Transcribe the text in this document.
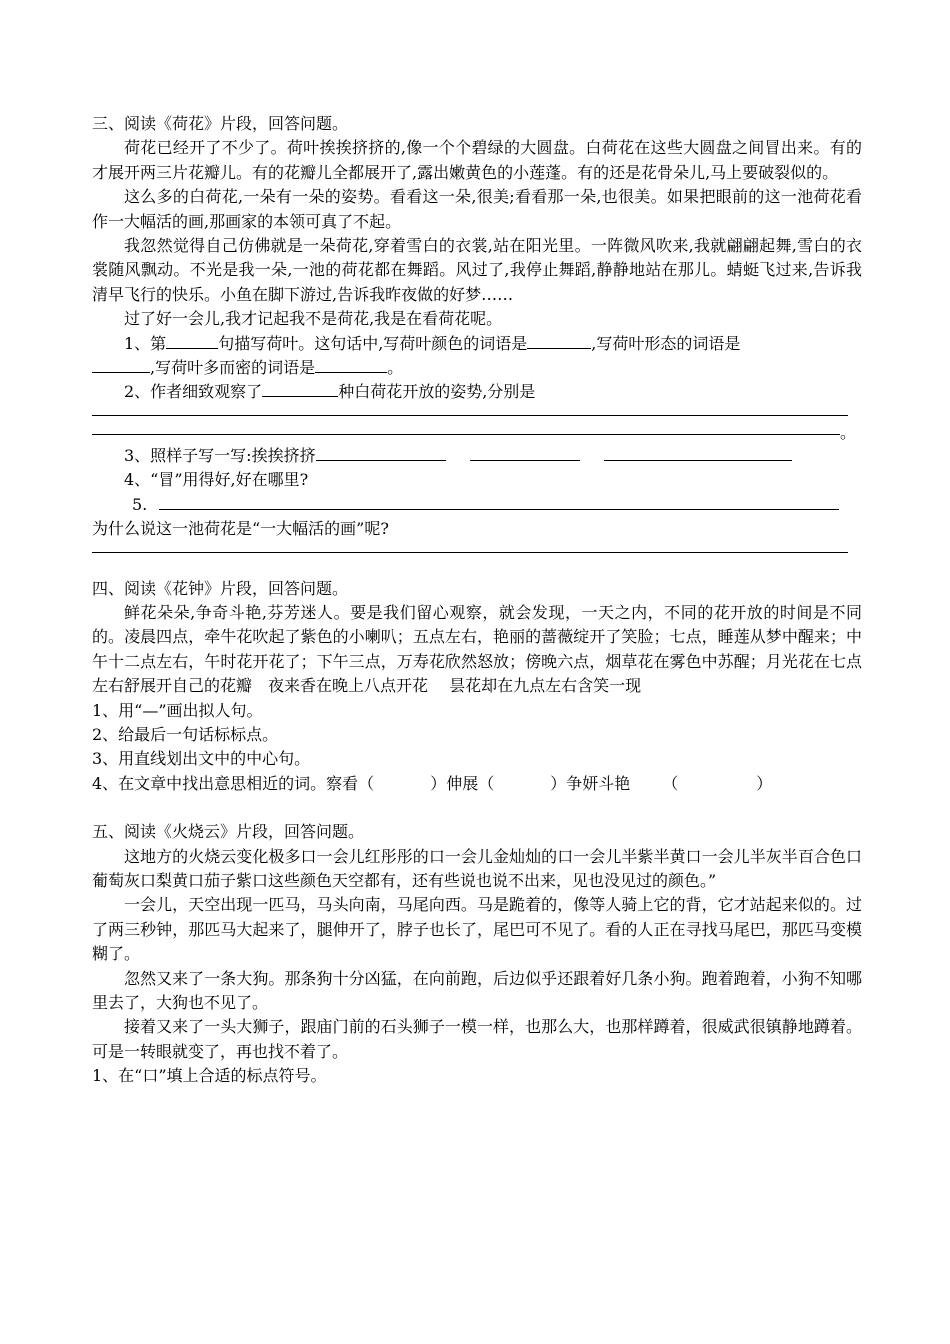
三、阅读《荷花》片段，回答问题。
荷花已经开了不少了。荷叶挨挨挤挤的,像一个个碧绿的大圆盘。白荷花在这些大圆盘之间冒出来。有的才展开两三片花瓣儿。有的花瓣儿全都展开了,露出嫩黄色的小莲蓬。有的还是花骨朵儿,马上要破裂似的。
这么多的白荷花,一朵有一朵的姿势。看看这一朵,很美;看看那一朵,也很美。如果把眼前的这一池荷花看作一大幅活的画,那画家的本领可真了不起。
我忽然觉得自己仿佛就是一朵荷花,穿着雪白的衣裳,站在阳光里。一阵微风吹来,我就翩翩起舞,雪白的衣裳随风飘动。不光是我一朵,一池的荷花都在舞蹈。风过了,我停止舞蹈,静静地站在那儿。蜻蜓飞过来,告诉我清早飞行的快乐。小鱼在脚下游过,告诉我昨夜做的好梦……
过了好一会儿,我才记起我不是荷花,我是在看荷花呢。
1、第	句描写荷叶。这句话中,写荷叶颜色的词语是	,写荷叶形态的词语是
,写荷叶多而密的词语是	。
2、作者细致观察了	种白荷花开放的姿势,分别是
。
3、照样子写一写:挨挨挤挤
4、“冒”用得好,好在哪里?
5.
为什么说这一池荷花是“一大幅活的画”呢?
四、阅读《花钟》片段，回答问题。
鲜花朵朵,争奇斗艳,芬芳迷人。要是我们留心观察，就会发现，一天之内，不同的花开放的时间是不同的。凌晨四点，牵牛花吹起了紫色的小喇叭；五点左右，艳丽的蔷薇绽开了笑脸；七点，睡莲从梦中醒来；中午十二点左右，午时花开花了；下午三点，万寿花欣然怒放；傍晚六点，烟草花在雾色中苏醒；月光花在七点左右舒展开自己的花瓣　夜来香在晚上八点开花　 昙花却在九点左右含笑一现
1、用“—”画出拟人句。
2、给最后一句话标标点。
3、用直线划出文中的中心句。
4、在文章中找出意思相近的词。察看（	）伸展（	）争妍斗艳 （	）
五、阅读《火烧云》片段，回答问题。
这地方的火烧云变化极多口一会儿红彤彤的口一会儿金灿灿的口一会儿半紫半黄口一会儿半灰半百合色口葡萄灰口梨黄口茄子紫口这些颜色天空都有，还有些说也说不出来，见也没见过的颜色。”
一会儿，天空出现一匹马，马头向南，马尾向西。马是跪着的，像等人骑上它的背，它才站起来似的。过了两三秒钟，那匹马大起来了，腿伸开了，脖子也长了，尾巴可不见了。看的人正在寻找马尾巴，那匹马变模糊了。
忽然又来了一条大狗。那条狗十分凶猛，在向前跑，后边似乎还跟着好几条小狗。跑着跑着，小狗不知哪里去了，大狗也不见了。
接着又来了一头大狮子，跟庙门前的石头狮子一模一样，也那么大，也那样蹲着，很威武很镇静地蹲着。可是一转眼就变了，再也找不着了。
1、在“口”填上合适的标点符号。
